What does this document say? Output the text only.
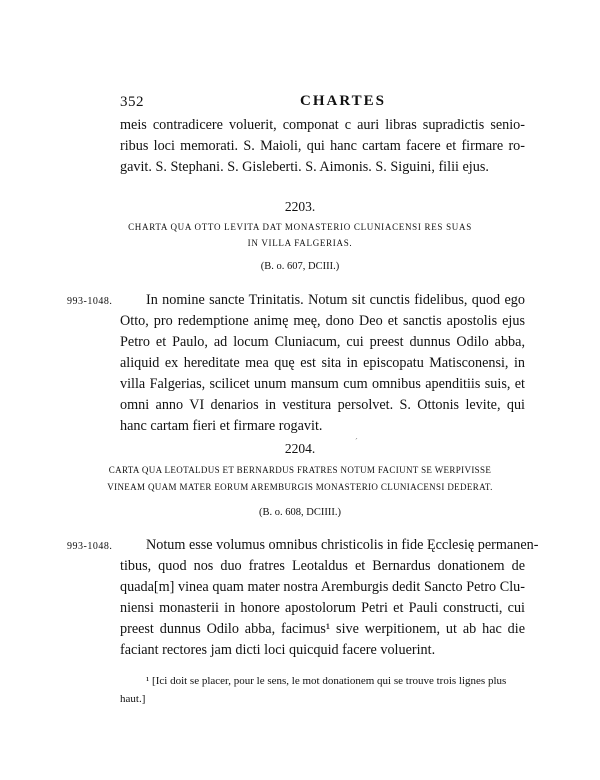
352	CHARTES
meis contradicere voluerit, componat c auri libras supradictis senio-
ribus loci memorati. S. Maioli, qui hanc cartam facere et firmare ro-
gavit. S. Stephani. S. Gisleberti. S. Aimonis. S. Siguini, filii ejus.
2203.
CHARTA QUA OTTO LEVITA DAT MONASTERIO CLUNIACENSI RES SUAS
IN VILLA FALGERIAS.
(B. o. 607, DCIII.)
993-1048. In nomine sancte Trinitatis. Notum sit cunctis fidelibus, quod ego
Otto, pro redemptione animę meę, dono Deo et sanctis apostolis ejus
Petro et Paulo, ad locum Cluniacum, cui preest dunnus Odilo abba,
aliquid ex hereditate mea quę est sita in episcopatu Matisconensi, in
villa Falgerias, scilicet unum mansum cum omnibus apenditiis suis, et
omni anno VI denarios in vestitura persolvet. S. Ottonis levite, qui
hanc cartam fieri et firmare rogavit.
2204.	ˊ
CARTA QUA LEOTALDUS ET BERNARDUS FRATRES NOTUM FACIUNT SE WERPIVISSE
VINEAM QUAM MATER EORUM AREMBURGIS MONASTERIO CLUNIACENSI DEDERAT.
(B. o. 608, DCIIII.)
993-1048. Notum esse volumus omnibus christicolis in fide Ęcclesię permanen-
tibus, quod nos duo fratres Leotaldus et Bernardus donationem de
quada[m] vinea quam mater nostra Aremburgis dedit Sancto Petro Clu-
niensi monasterii in honore apostolorum Petri et Pauli constructi, cui
preest dunnus Odilo abba, facimus¹ sive werpitionem, ut ab hac die
faciant rectores jam dicti loci quicquid facere voluerint.
¹ [Ici doit se placer, pour le sens, le mot donationem qui se trouve trois lignes plus
haut.]
